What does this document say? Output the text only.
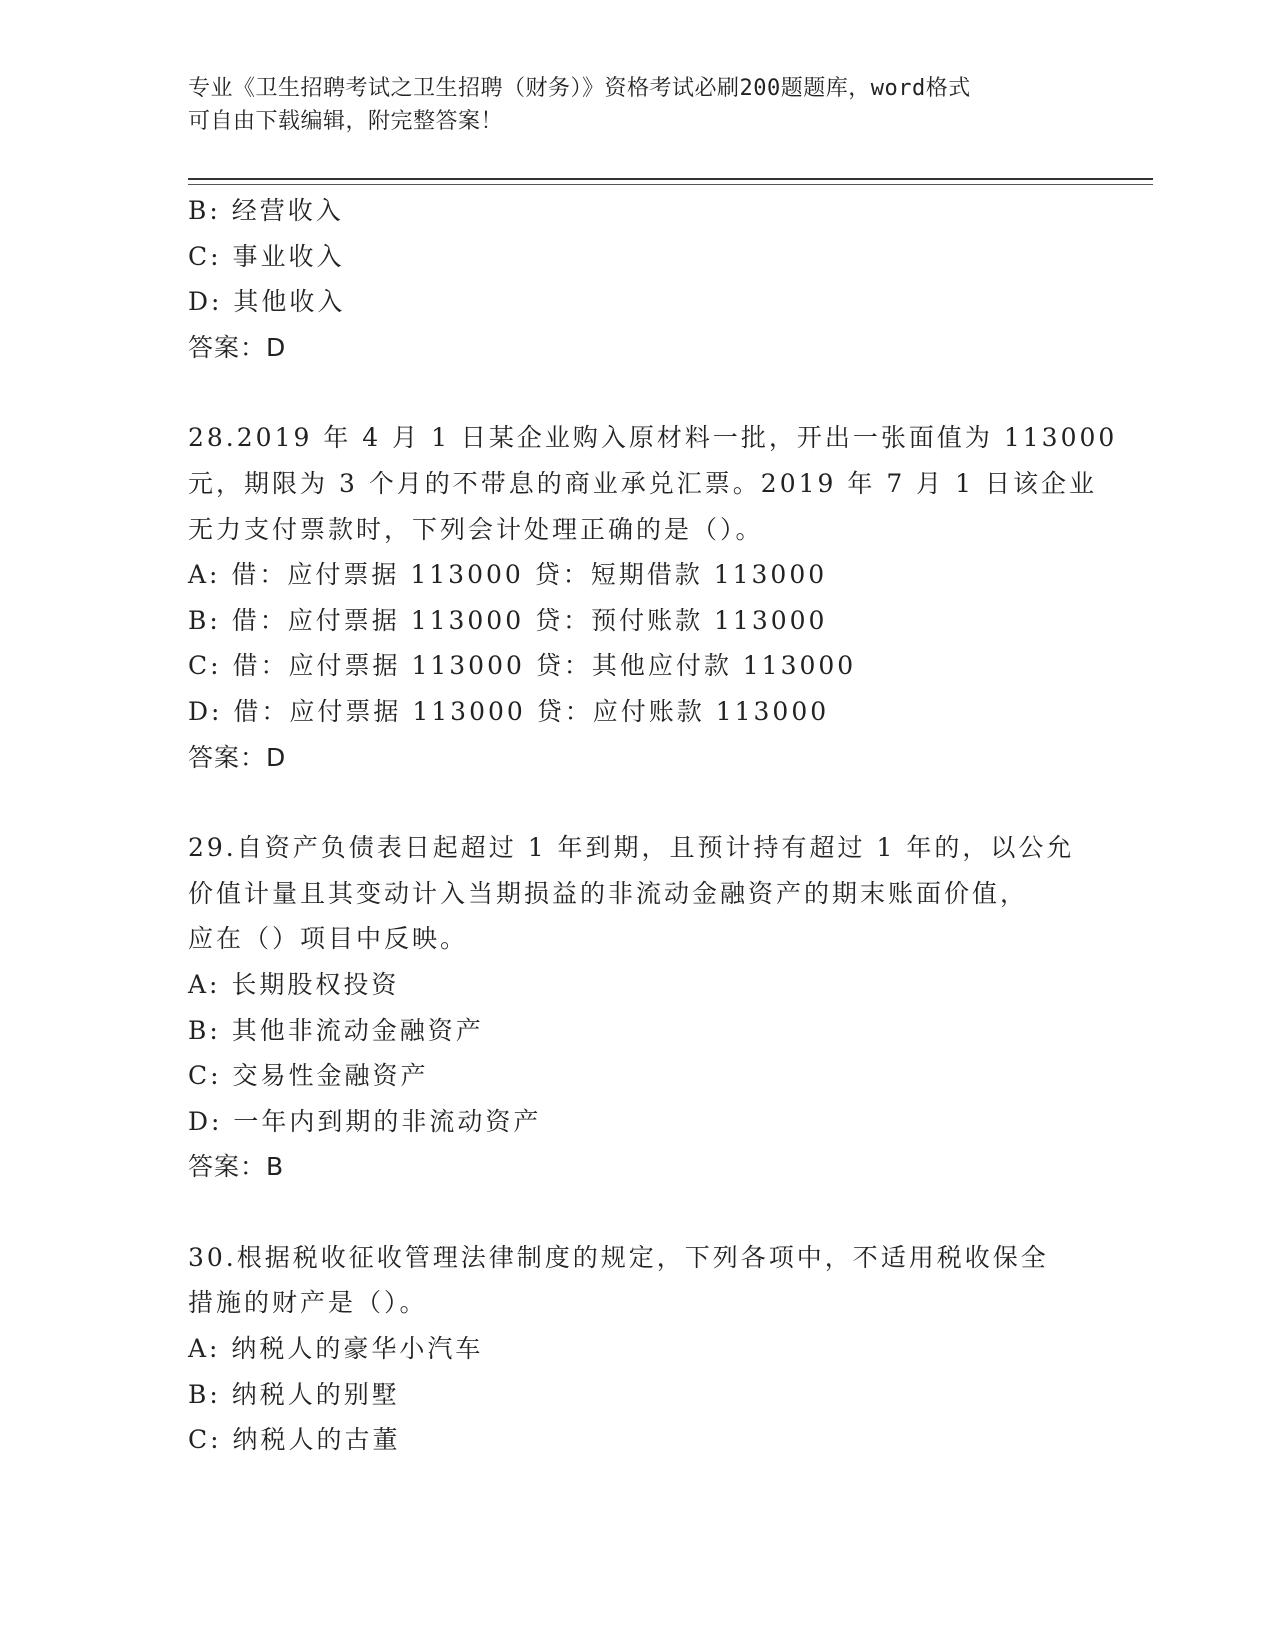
专业《卫生招聘考试之卫生招聘（财务）》资格考试必刷200题题库，word格式

可自由下载编辑，附完整答案！

B: 经营收入
C: 事业收入
D: 其他收入
答案：D
28.2019 年 4 月 1 日某企业购入原材料一批，开出一张面值为 113000
元，期限为 3 个月的不带息的商业承兑汇票。2019 年 7 月 1 日该企业
无力支付票款时，下列会计处理正确的是（）。
A: 借：应付票据 113000 贷：短期借款 113000
B: 借：应付票据 113000 贷：预付账款 113000
C: 借：应付票据 113000 贷：其他应付款 113000
D: 借：应付票据 113000 贷：应付账款 113000
答案：D
29.自资产负债表日起超过 1 年到期，且预计持有超过 1 年的，以公允
价值计量且其变动计入当期损益的非流动金融资产的期末账面价值，
应在（）项目中反映。
A: 长期股权投资
B: 其他非流动金融资产
C: 交易性金融资产
D: 一年内到期的非流动资产
答案：B
30.根据税收征收管理法律制度的规定，下列各项中，不适用税收保全
措施的财产是（）。
A: 纳税人的豪华小汽车
B: 纳税人的别墅
C: 纳税人的古董
